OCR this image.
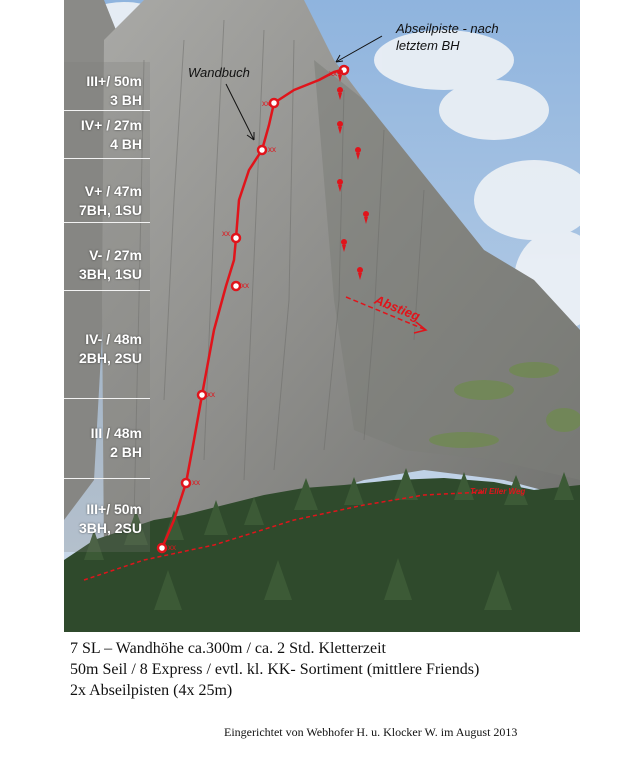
xx
xx
xx
xx
xx
xx
xx
xx
III+/ 50m
3 BH
IV+ / 27m
4 BH
V+ / 47m
7BH, 1SU
V- / 27m
3BH, 1SU
IV- / 48m
2BH, 2SU
III / 48m
2 BH
III+/ 50m
3BH, 2SU
Abseilpiste - nach
letztem BH
Wandbuch
Abstieg
Trail Eller Weg
7 SL – Wandhöhe ca.300m / ca. 2 Std. Kletterzeit
50m Seil / 8 Express / evtl. kl. KK- Sortiment (mittlere Friends)
2x Abseilpisten (4x 25m)
Eingerichtet von Webhofer H. u. Klocker W. im August 2013
